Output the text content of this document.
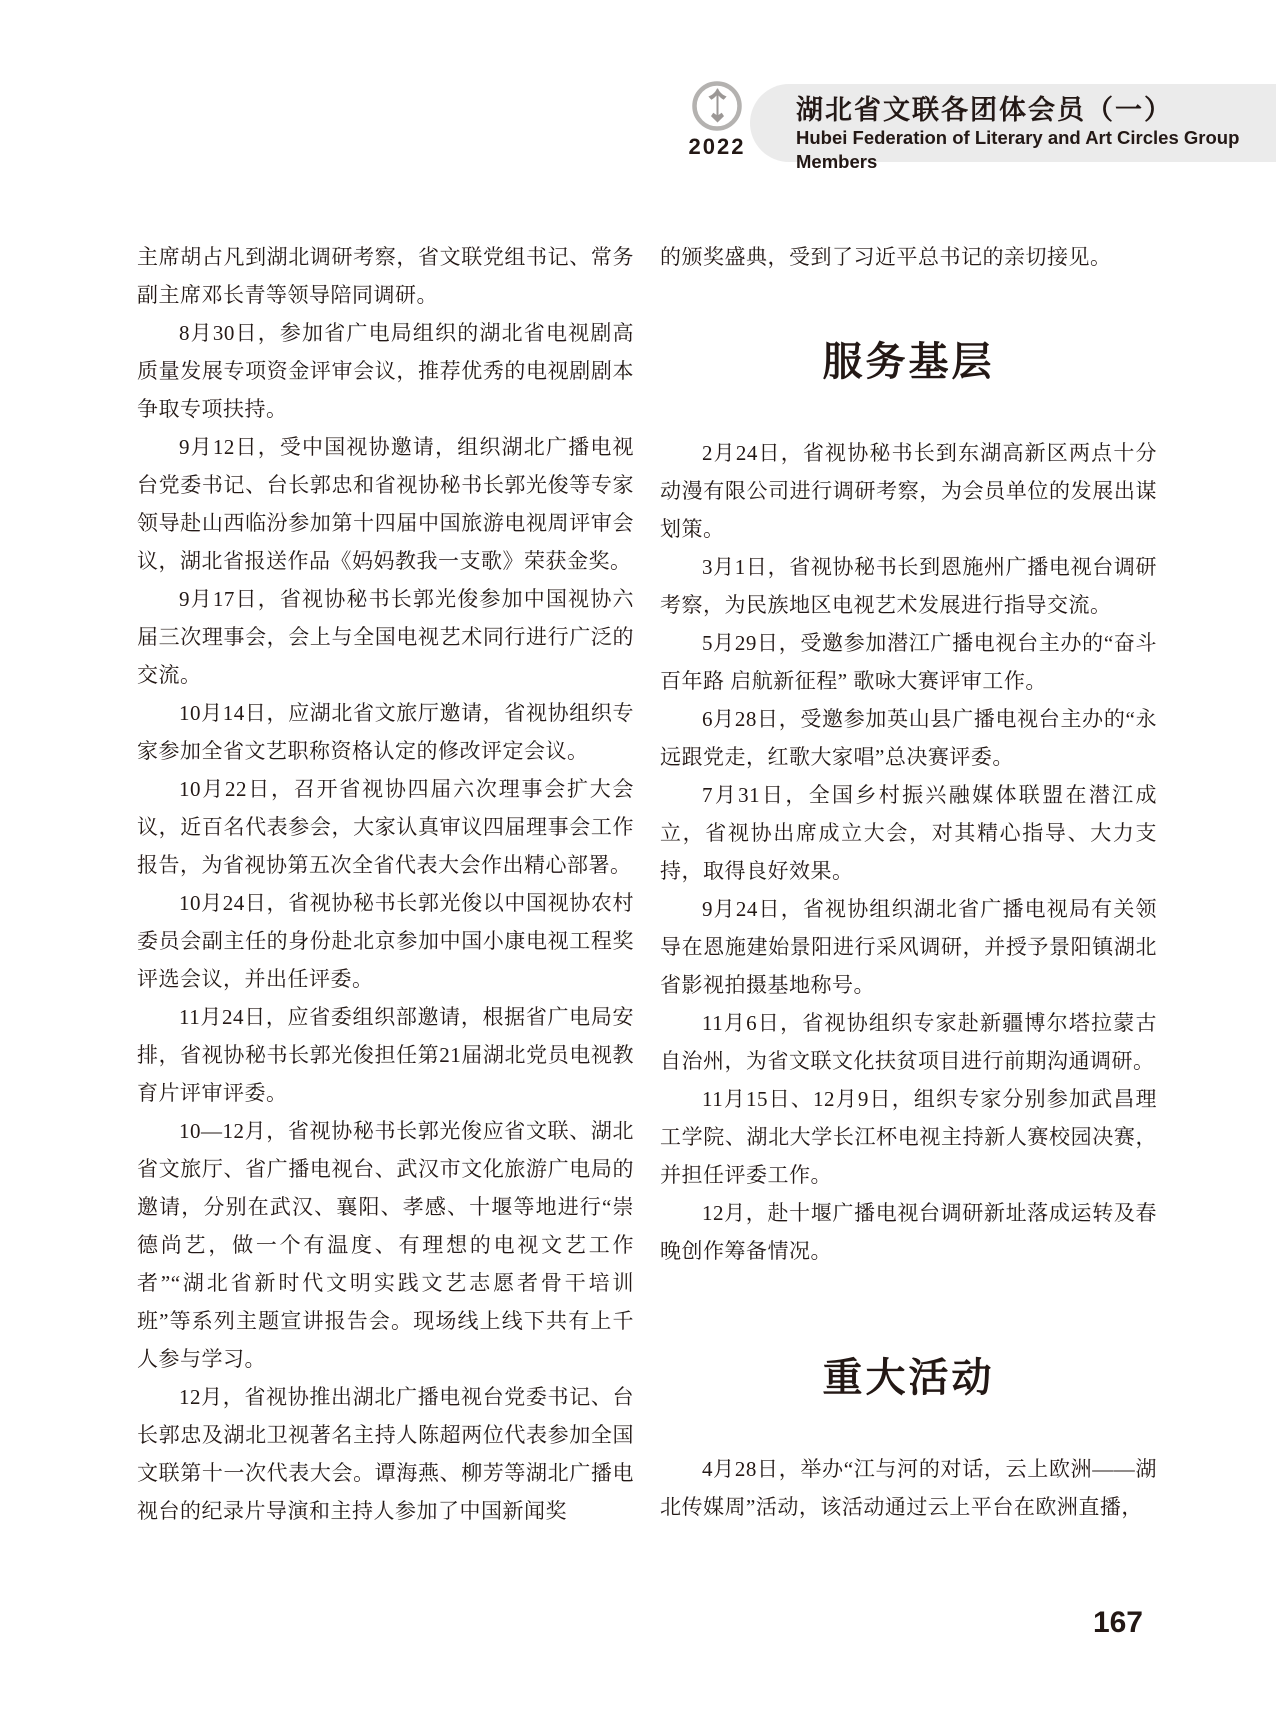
2022
湖北省文联各团体会员（一）
Hubei Federation of Literary and Art Circles Group Members

主席胡占凡到湖北调研考察，省文联党组书记、常务副主席邓长青等领导陪同调研。

8月30日，参加省广电局组织的湖北省电视剧高质量发展专项资金评审会议，推荐优秀的电视剧剧本争取专项扶持。

9月12日，受中国视协邀请，组织湖北广播电视台党委书记、台长郭忠和省视协秘书长郭光俊等专家领导赴山西临汾参加第十四届中国旅游电视周评审会议，湖北省报送作品《妈妈教我一支歌》荣获金奖。

9月17日，省视协秘书长郭光俊参加中国视协六届三次理事会，会上与全国电视艺术同行进行广泛的交流。

10月14日，应湖北省文旅厅邀请，省视协组织专家参加全省文艺职称资格认定的修改评定会议。

10月22日，召开省视协四届六次理事会扩大会议，近百名代表参会，大家认真审议四届理事会工作报告，为省视协第五次全省代表大会作出精心部署。

10月24日，省视协秘书长郭光俊以中国视协农村委员会副主任的身份赴北京参加中国小康电视工程奖评选会议，并出任评委。

11月24日，应省委组织部邀请，根据省广电局安排，省视协秘书长郭光俊担任第21届湖北党员电视教育片评审评委。

10—12月，省视协秘书长郭光俊应省文联、湖北省文旅厅、省广播电视台、武汉市文化旅游广电局的邀请，分别在武汉、襄阳、孝感、十堰等地进行“崇德尚艺，做一个有温度、有理想的电视文艺工作者”“湖北省新时代文明实践文艺志愿者骨干培训班”等系列主题宣讲报告会。现场线上线下共有上千人参与学习。

12月，省视协推出湖北广播电视台党委书记、台长郭忠及湖北卫视著名主持人陈超两位代表参加全国文联第十一次代表大会。谭海燕、柳芳等湖北广播电视台的纪录片导演和主持人参加了中国新闻奖

的颁奖盛典，受到了习近平总书记的亲切接见。

服务基层

2月24日，省视协秘书长到东湖高新区两点十分动漫有限公司进行调研考察，为会员单位的发展出谋划策。

3月1日，省视协秘书长到恩施州广播电视台调研考察，为民族地区电视艺术发展进行指导交流。

5月29日，受邀参加潜江广播电视台主办的“奋斗百年路 启航新征程” 歌咏大赛评审工作。

6月28日，受邀参加英山县广播电视台主办的“永远跟党走，红歌大家唱”总决赛评委。

7月31日，全国乡村振兴融媒体联盟在潜江成立，省视协出席成立大会，对其精心指导、大力支持，取得良好效果。

9月24日，省视协组织湖北省广播电视局有关领导在恩施建始景阳进行采风调研，并授予景阳镇湖北省影视拍摄基地称号。

11月6日，省视协组织专家赴新疆博尔塔拉蒙古自治州，为省文联文化扶贫项目进行前期沟通调研。

11月15日、12月9日，组织专家分别参加武昌理工学院、湖北大学长江杯电视主持新人赛校园决赛，并担任评委工作。

12月，赴十堰广播电视台调研新址落成运转及春晚创作筹备情况。

重大活动

4月28日，举办“江与河的对话，云上欧洲——湖北传媒周”活动，该活动通过云上平台在欧洲直播，

167
